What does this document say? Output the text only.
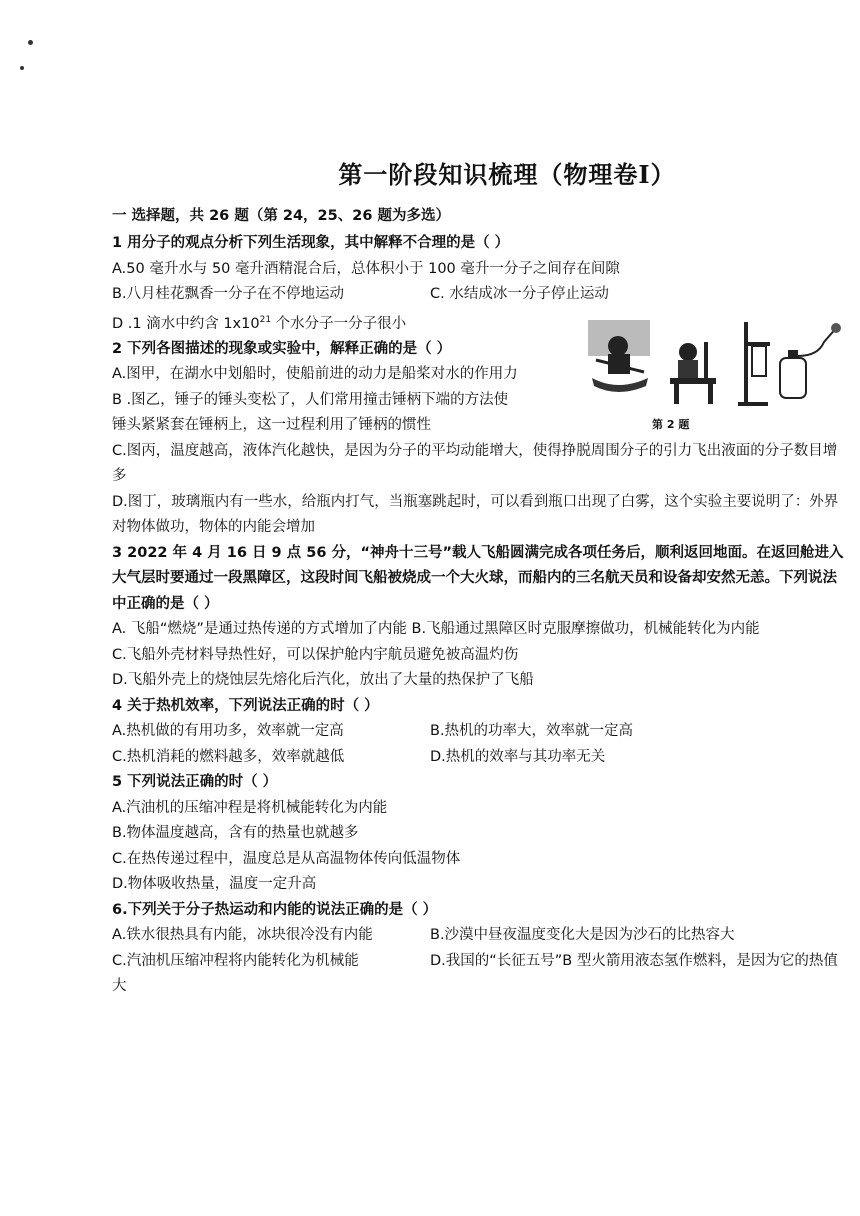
第一阶段知识梳理（物理卷Ⅰ）
一 选择题，共 26 题（第 24，25、26 题为多选）
1 用分子的观点分析下列生活现象，其中解释不合理的是（ ）
A.50 毫升水与 50 毫升酒精混合后，总体积小于 100 毫升一分子之间存在间隙
B.八月桂花飘香一分子在不停地运动	C. 水结成冰一分子停止运动
D .1 滴水中约含 $1x10^{21}$ 个水分子一分子很小
2 下列各图描述的现象或实验中，解释正确的是（ ）
A.图甲，在湖水中划船时，使船前进的动力是船桨对水的作用力
B .图乙，锤子的锤头变松了，人们常用撞击锤柄下端的方法使
锤头紧紧套在锤柄上，这一过程利用了锤柄的惯性
C.图丙，温度越高，液体汽化越快，是因为分子的平均动能增大，使得挣脱周围分子的引力飞出液面的分子数目增多
D.图丁，玻璃瓶内有一些水，给瓶内打气，当瓶塞跳起时，可以看到瓶口出现了白雾，这个实验主要说明了：外界对物体做功，物体的内能会增加
3 2022 年 4 月 16 日 9 点 56 分，“神舟十三号”载人飞船圆满完成各项任务后，顺利返回地面。在返回舱进入大气层时要通过一段黑障区，这段时间飞船被烧成一个大火球，而船内的三名航天员和设备却安然无恙。下列说法中正确的是（ ）
A. 飞船“燃烧”是通过热传递的方式增加了内能 B.飞船通过黑障区时克服摩擦做功，机械能转化为内能
C.飞船外壳材料导热性好，可以保护舱内宇航员避免被高温灼伤
D.飞船外壳上的烧蚀层先熔化后汽化，放出了大量的热保护了飞船
4 关于热机效率，下列说法正确的时（ ）
A.热机做的有用功多，效率就一定高	B.热机的功率大，效率就一定高
C.热机消耗的燃料越多，效率就越低	D.热机的效率与其功率无关
5 下列说法正确的时（ ）
A.汽油机的压缩冲程是将机械能转化为内能
B.物体温度越高，含有的热量也就越多
C.在热传递过程中，温度总是从高温物体传向低温物体
D.物体吸收热量，温度一定升高
6.下列关于分子热运动和内能的说法正确的是（ ）
A.铁水很热具有内能，冰块很冷没有内能	B.沙漠中昼夜温度变化大是因为沙石的比热容大
C.汽油机压缩冲程将内能转化为机械能	D.我国的“长征五号”B 型火箭用液态氢作燃料，是因为它的热值大
第 2 题
